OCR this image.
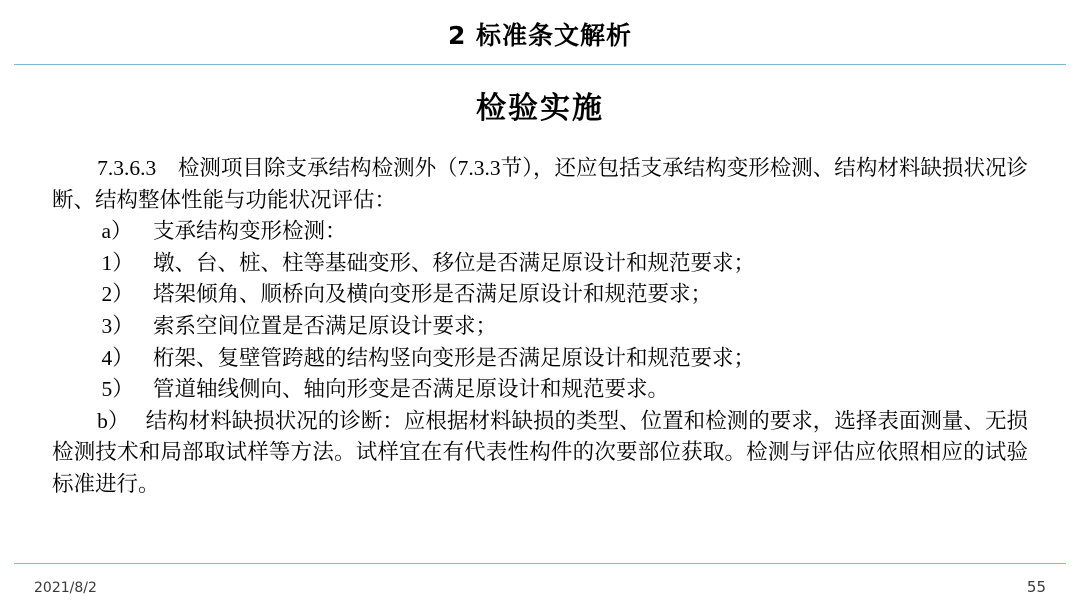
2 标准条文解析
检验实施

7.3.6.3 检测项目除支承结构检测外（7.3.3节），还应包括支承结构变形检测、结构材料缺损状况诊断、结构整体性能与功能状况评估：

a） 支承结构变形检测：

1） 墩、台、桩、柱等基础变形、移位是否满足原设计和规范要求；

2） 塔架倾角、顺桥向及横向变形是否满足原设计和规范要求；

3） 索系空间位置是否满足原设计要求；

4） 桁架、复壁管跨越的结构竖向变形是否满足原设计和规范要求；

5） 管道轴线侧向、轴向形变是否满足原设计和规范要求。

b） 结构材料缺损状况的诊断：应根据材料缺损的类型、位置和检测的要求，选择表面测量、无损检测技术和局部取试样等方法。试样宜在有代表性构件的次要部位获取。检测与评估应依照相应的试验标准进行。

2021/8/2	55
